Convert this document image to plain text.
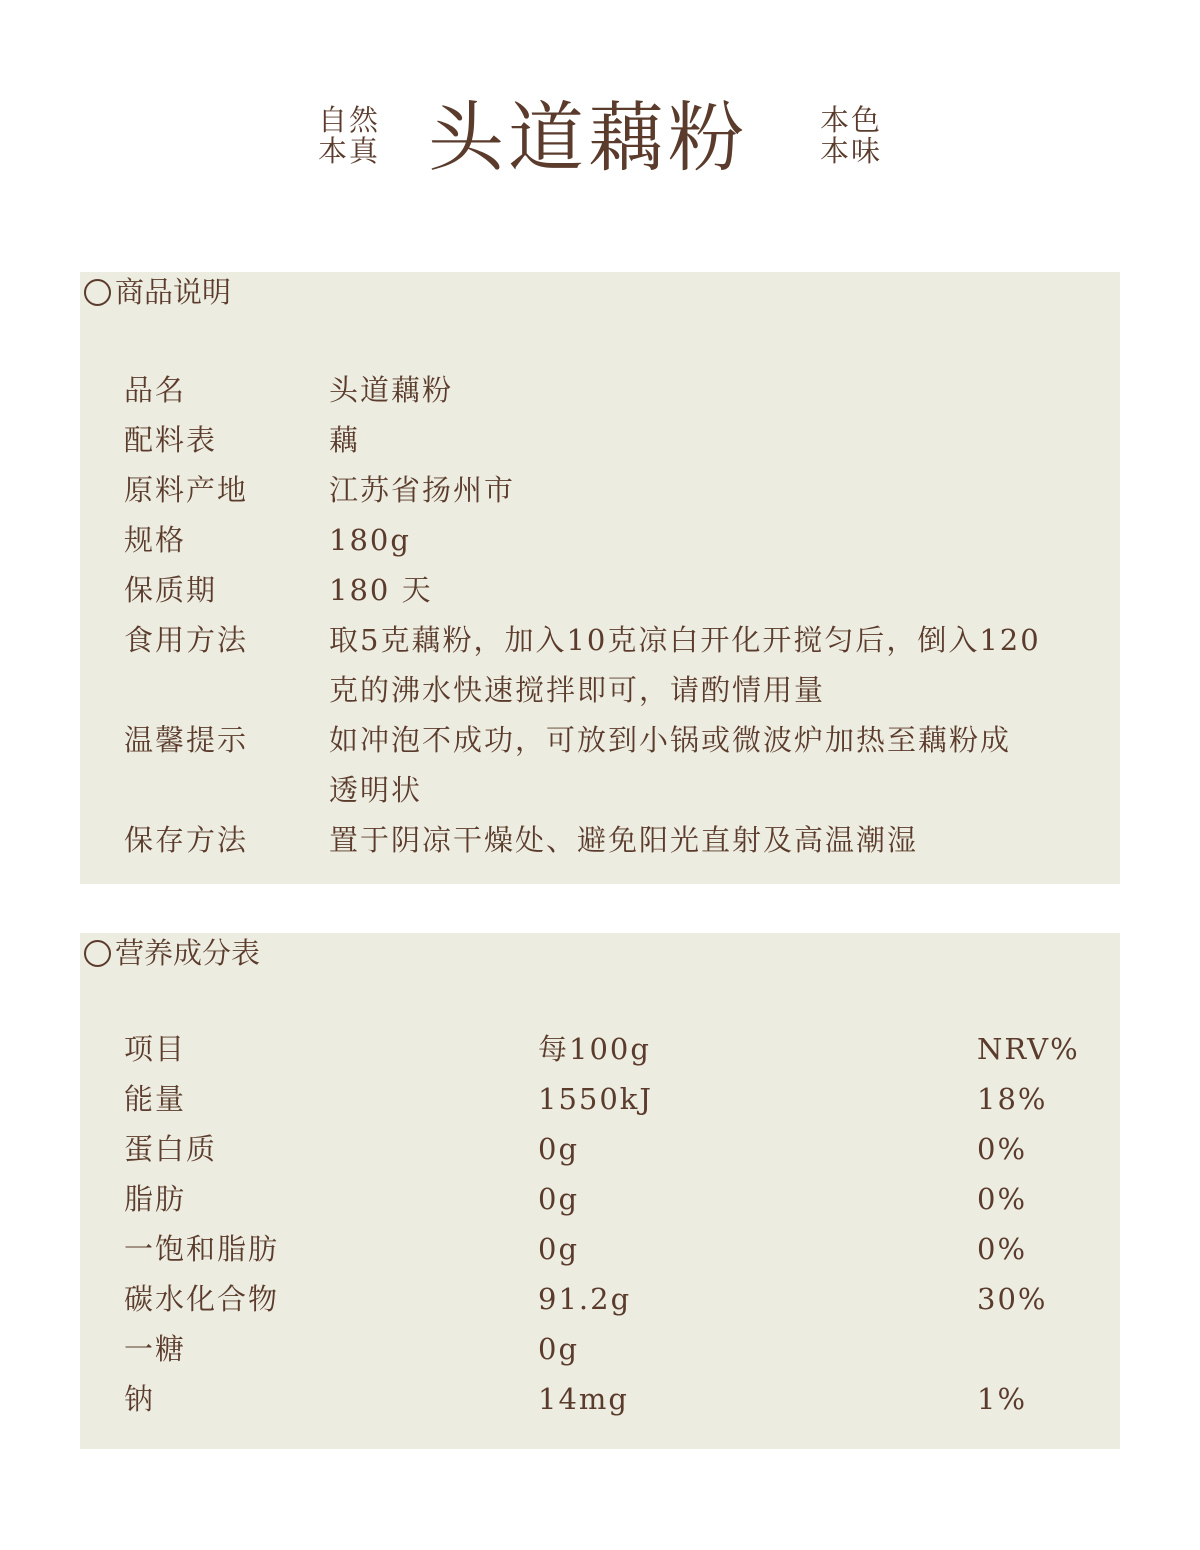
自然
本真 头道藕粉 本色
本味
商品说明
品名	头道藕粉
配料表	藕
原料产地	江苏省扬州市
规格	180g
保质期	180 天
食用方法	取5克藕粉，加入10克凉白开化开搅匀后，倒入120
克的沸水快速搅拌即可，请酌情用量
温馨提示	如冲泡不成功，可放到小锅或微波炉加热至藕粉成
透明状
保存方法	置于阴凉干燥处、避免阳光直射及高温潮湿
营养成分表
项目	每100g	NRV%
能量	1550kJ	18%
蛋白质	0g	0%
脂肪	0g	0%
一饱和脂肪	0g	0%
碳水化合物	91.2g	30%
一糖	0g
钠	14mg	1%
